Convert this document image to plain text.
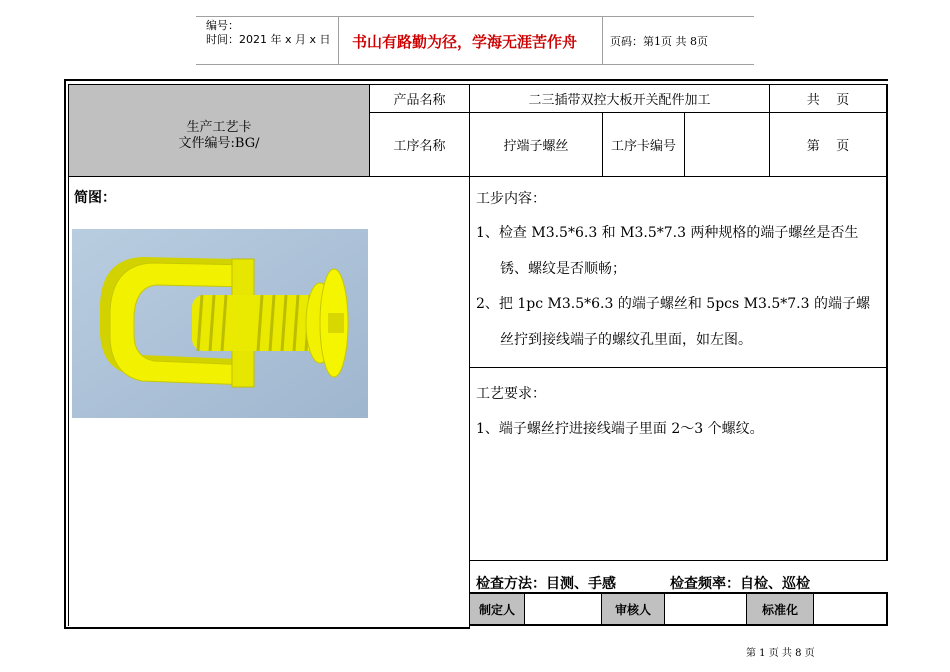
编号：
时间：2021 年 x 月 x 日 书山有路勤为径，学海无涯苦作舟	页码：第1页 共 8页
生产工艺卡
文件编号:BG/
产品名称	二三插带双控大板开关配件加工	共    页
工序名称	拧端子螺丝	工序卡编号	第    页
简图：	工步内容：
1、检查 M3.5*6.3 和 M3.5*7.3 两种规格的端子螺丝是否生
锈、螺纹是否顺畅；
2、把 1pc M3.5*6.3 的端子螺丝和 5pcs M3.5*7.3 的端子螺
丝拧到接线端子的螺纹孔里面，如左图。
工艺要求：
1、端子螺丝拧进接线端子里面 2～3 个螺纹。
检查方法：目测、手感	检查频率：自检、巡检
制定人	审核人	标准化
第 1 页 共 8 页
